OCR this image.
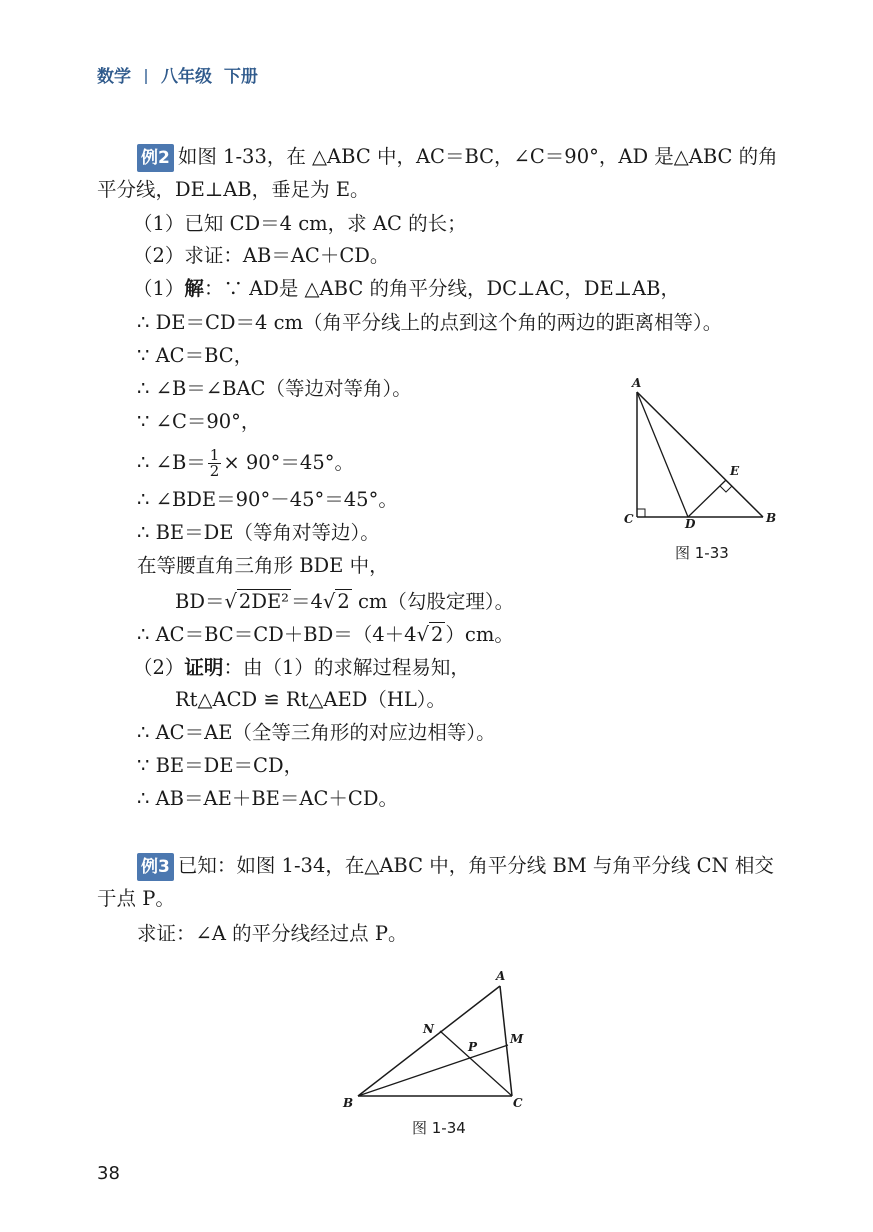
数学 八年级 下册
例2 如图 1-33，在 △ABC 中，AC＝BC，∠C＝90°，AD 是△ABC 的角
平分线，DE⊥AB，垂足为 E。
（1）已知 CD＝4 cm，求 AC 的长；
（2）求证：AB＝AC＋CD。
（1）解：∵ AD是 △ABC 的角平分线，DC⊥AC，DE⊥AB，
∴ DE＝CD＝4 cm（角平分线上的点到这个角的两边的距离相等）。
∵ AC＝BC，
∴ ∠B＝∠BAC（等边对等角）。
∵ ∠C＝90°，
∴ ∠B＝ $\frac{1}{2} \times 90^\circ=45^\circ$。
∴ ∠BDE＝90°－45°＝45°。
∴ BE＝DE（等角对等边）。
在等腰直角三角形 BDE 中，
BD＝√ 2DE² ＝4√ 2 cm（勾股定理）。
∴ AC＝BC＝CD＋BD＝（4＋4√ 2 ）cm。
（2）证明：由（1）的求解过程易知，
Rt△ACD ≌ Rt△AED（HL）。
∴ AC＝AE（全等三角形的对应边相等）。
∵ BE＝DE＝CD，
∴ AB＝AE＋BE＝AC＋CD。
A
C	D	B
E
图 1-33
例3 已知：如图 1-34，在△ABC 中，角平分线 BM 与角平分线 CN 相交
于点 P。
求证：∠A 的平分线经过点 P。
A
N
M
P
B	C
图 1-34
38
